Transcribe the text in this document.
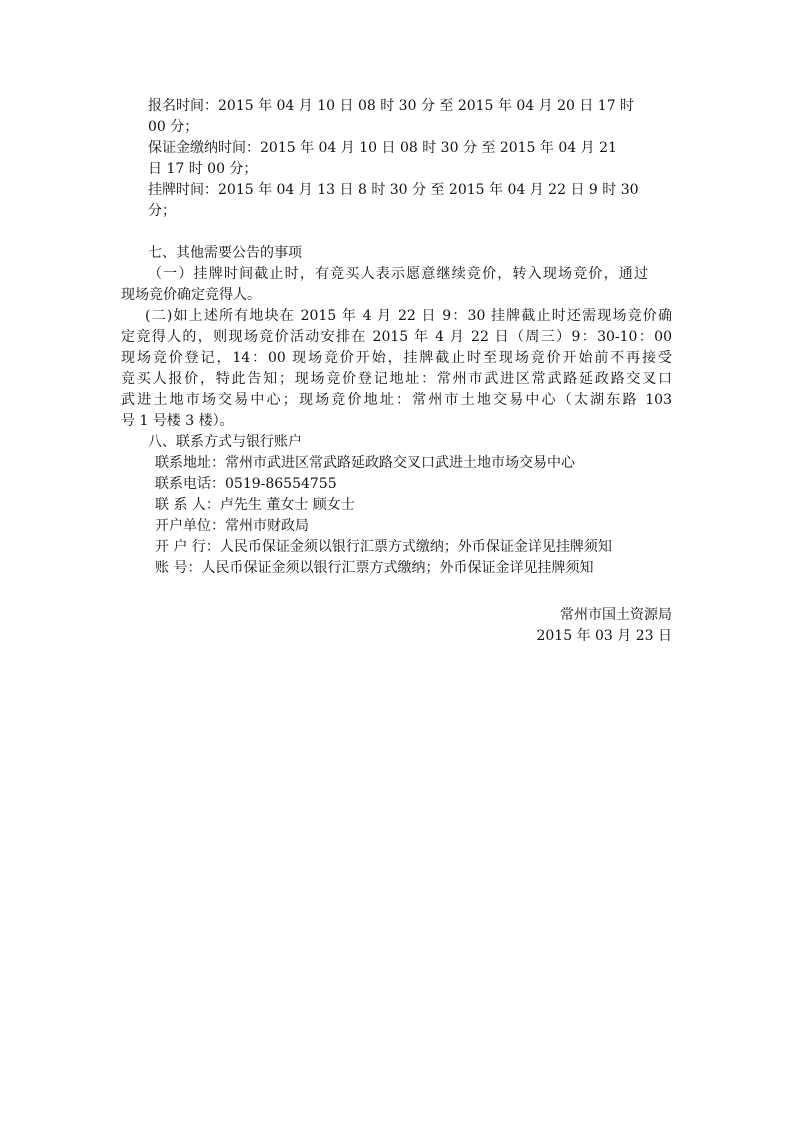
报名时间：2015 年 04 月 10 日 08 时 30 分 至 2015 年 04 月 20 日 17 时
00 分；
保证金缴纳时间：2015 年 04 月 10 日 08 时 30 分 至 2015 年 04 月 21
日 17 时 00 分；
挂牌时间：2015 年 04 月 13 日 8 时 30 分 至 2015 年 04 月 22 日 9 时 30
分；
七、其他需要公告的事项
（一）挂牌时间截止时，有竞买人表示愿意继续竞价，转入现场竞价，通过
现场竞价确定竞得人。
(二)如上述所有地块在 2015 年 4 月 22 日 9：30 挂牌截止时还需现场竞价确
定竞得人的，则现场竞价活动安排在 2015 年 4 月 22 日（周三）9：30-10：00
现场竞价登记，14：00 现场竞价开始，挂牌截止时至现场竞价开始前不再接受
竞买人报价，特此告知；现场竞价登记地址：常州市武进区常武路延政路交叉口
武进土地市场交易中心；现场竞价地址：常州市土地交易中心（太湖东路 103
号 1 号楼 3 楼）。
八、联系方式与银行账户
联系地址：常州市武进区常武路延政路交叉口武进土地市场交易中心
联系电话：0519-86554755
联 系 人：卢先生 董女士 顾女士
开户单位：常州市财政局
开 户 行：人民币保证金须以银行汇票方式缴纳；外币保证金详见挂牌须知
账 号：人民币保证金须以银行汇票方式缴纳；外币保证金详见挂牌须知
常州市国土资源局
2015 年 03 月 23 日
